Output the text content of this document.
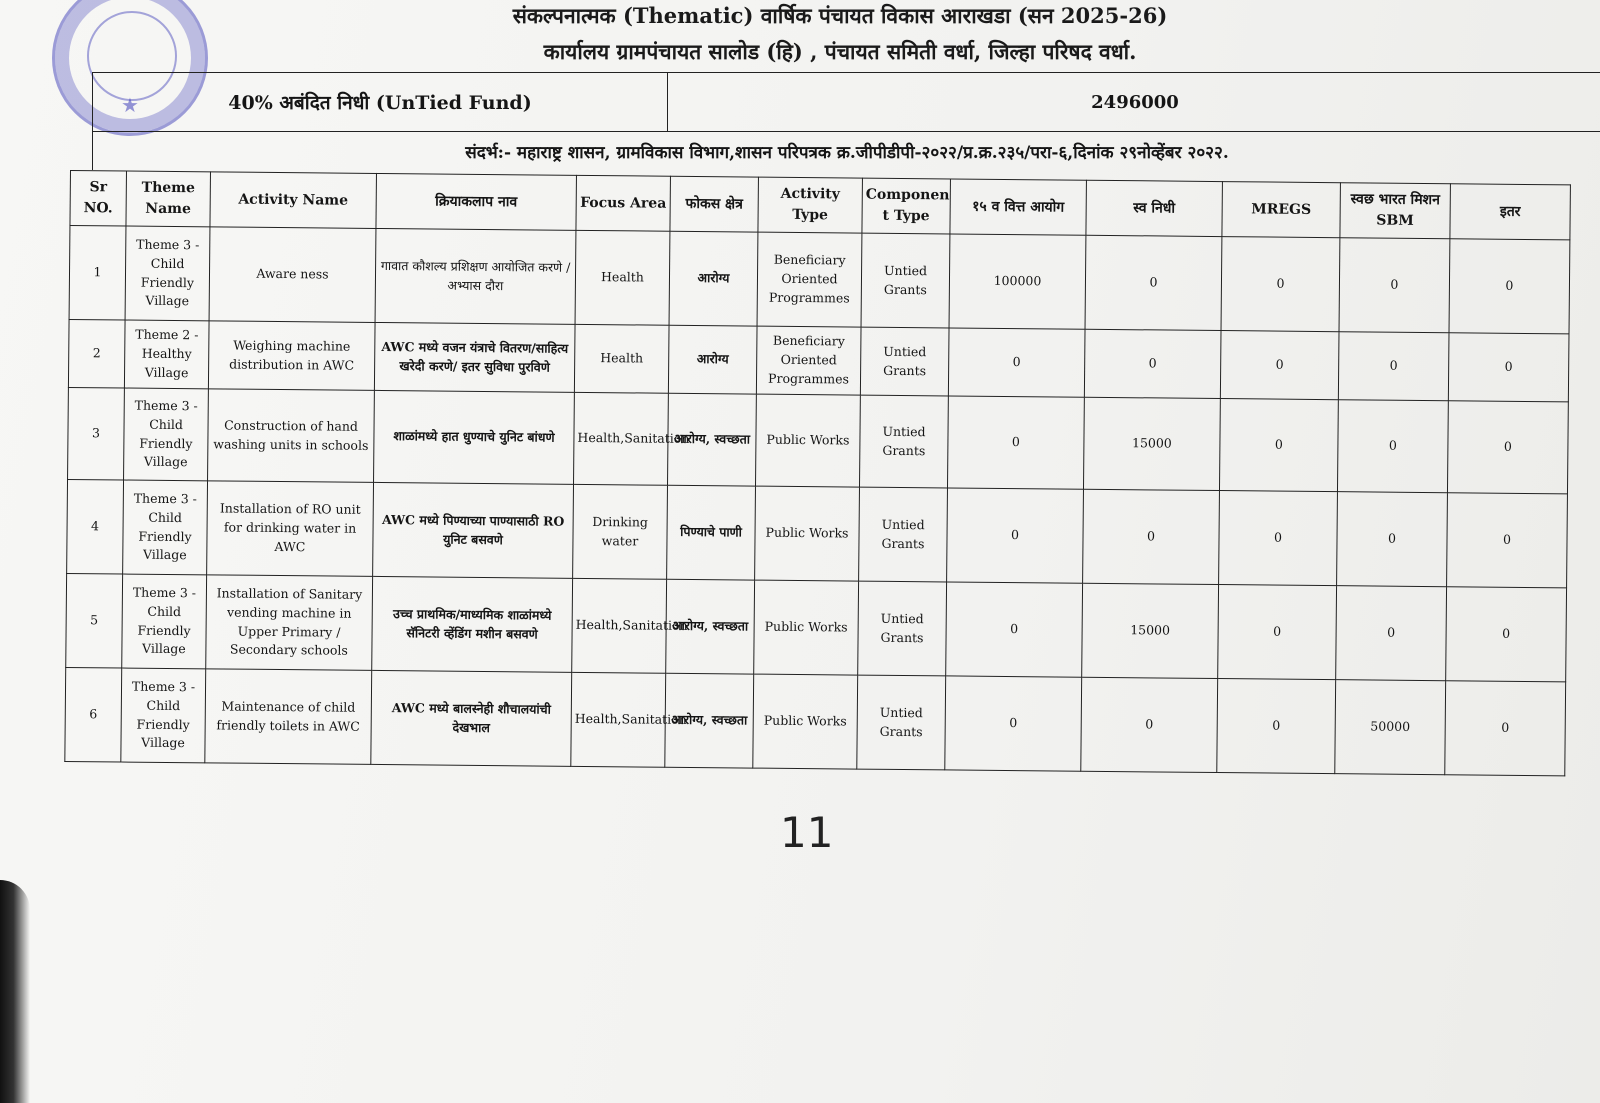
★
संकल्पनात्मक (Thematic) वार्षिक पंचायत विकास आराखडा (सन 2025-26)
कार्यालय ग्रामपंचायत सालोड (हि) , पंचायत समिती वर्धा, जिल्हा परिषद वर्धा.
40% अबंदित निधी (UnTied Fund)	2496000
संदर्भ:- महाराष्ट्र शासन, ग्रामविकास विभाग,शासन परिपत्रक क्र.जीपीडीपी-२०२२/प्र.क्र.२३५/परा-६,दिनांक २९नोव्हेंबर २०२२.
Sr NO.	Theme Name	Activity Name	क्रियाकलाप नाव	Focus Area	फोकस क्षेत्र	Activity Type	Componen t Type	१५ व वित्त आयोग	स्व निधी	MREGS	स्वछ भारत मिशन SBM	इतर
1	Theme 3 - Child Friendly Village	Aware ness	गावात कौशल्य प्रशिक्षण आयोजित करणे /अभ्यास दौरा	Health	आरोग्य	Beneficiary Oriented Programmes	Untied Grants	100000	0	0	0	0
2	Theme 2 - Healthy Village	Weighing machine distribution in AWC	AWC मध्ये वजन यंत्राचे वितरण/साहित्य खरेदी करणे/ इतर सुविधा पुरविणे	Health	आरोग्य	Beneficiary Oriented Programmes	Untied Grants	0	0	0	0	0
3	Theme 3 - Child Friendly Village	Construction of hand washing units in schools	शाळांमध्ये हात धुण्याचे युनिट बांधणे	Health,Sanitation	आरोग्य, स्वच्छता	Public Works	Untied Grants	0	15000	0	0	0
4	Theme 3 - Child Friendly Village	Installation of RO unit for drinking water in AWC	AWC मध्ये पिण्याच्या पाण्यासाठी RO युनिट बसवणे	Drinking water	पिण्याचे पाणी	Public Works	Untied Grants	0	0	0	0	0
5	Theme 3 - Child Friendly Village	Installation of Sanitary vending machine in Upper Primary / Secondary schools	उच्च प्राथमिक/माध्यमिक शाळांमध्ये सॅनिटरी व्हेंडिंग मशीन बसवणे	Health,Sanitation	आरोग्य, स्वच्छता	Public Works	Untied Grants	0	15000	0	0	0
6	Theme 3 - Child Friendly Village	Maintenance of child friendly toilets in AWC	AWC मध्ये बालस्नेही शौचालयांची देखभाल	Health,Sanitation	आरोग्य, स्वच्छता	Public Works	Untied Grants	0	0	0	50000	0
11
